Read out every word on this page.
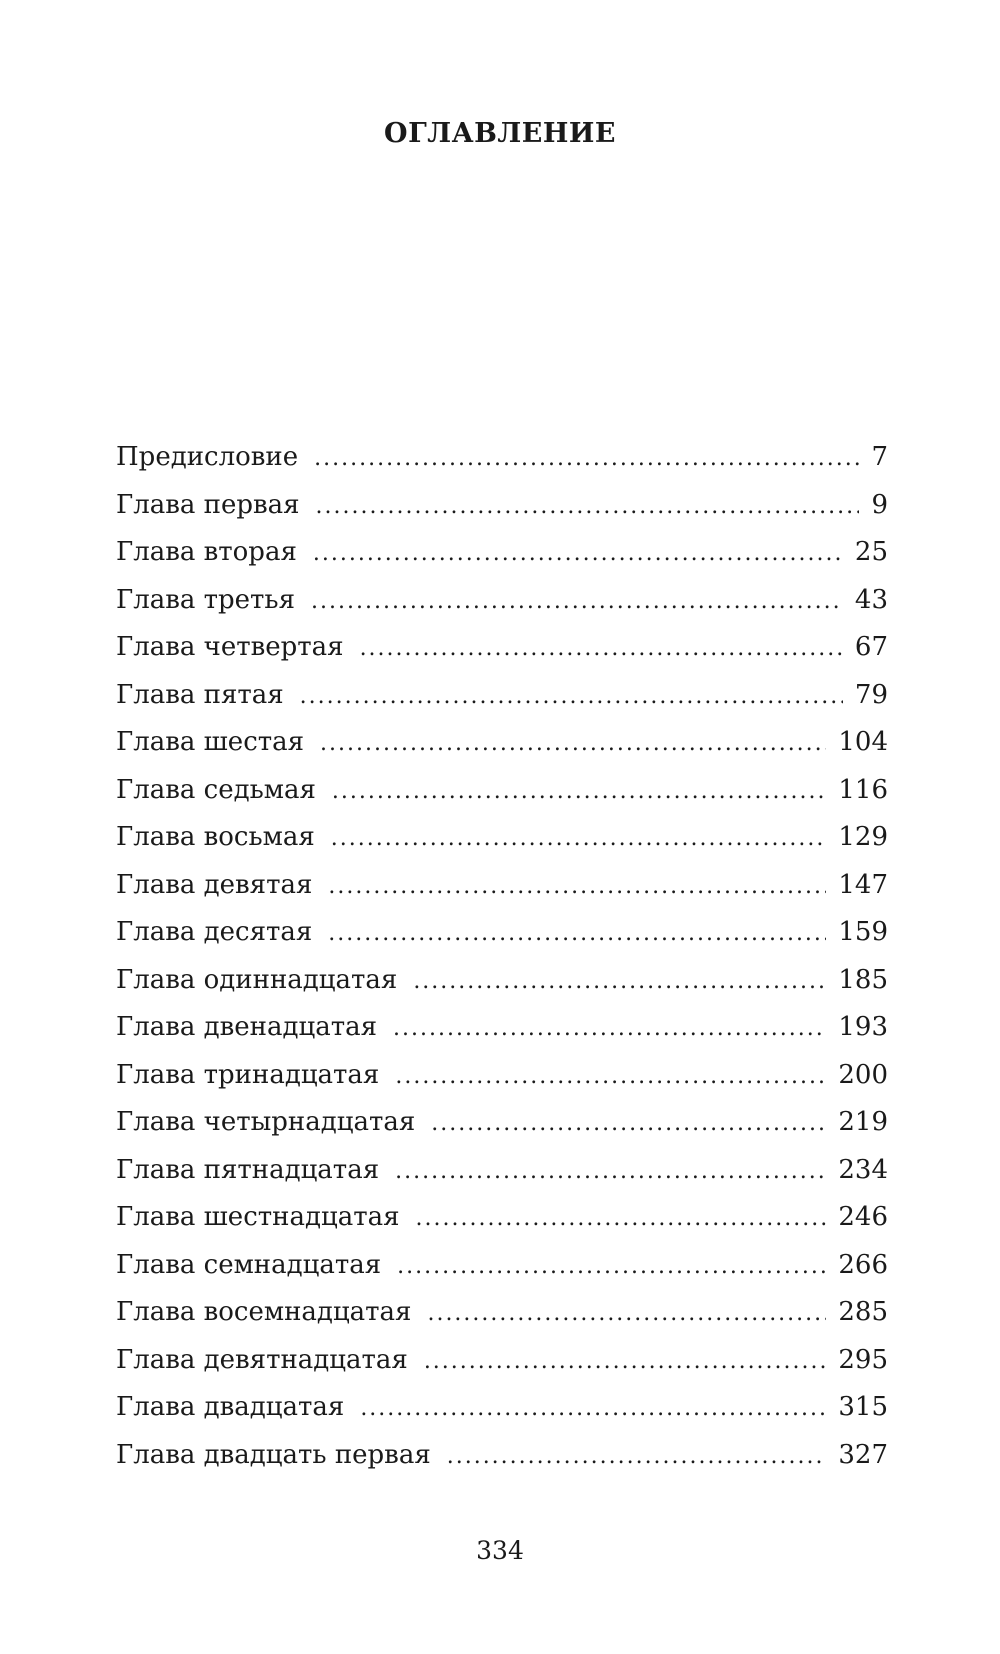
ОГЛАВЛЕНИЕ
Предисловие .....	7
Глава первая .....	9
Глава вторая .....	25
Глава третья .....	43
Глава четвертая .....	67
Глава пятая .....	79
Глава шестая .....	104
Глава седьмая .....	116
Глава восьмая .....	129
Глава девятая .....	147
Глава десятая .....	159
Глава одиннадцатая .....	185
Глава двенадцатая .....	193
Глава тринадцатая .....	200
Глава четырнадцатая .....	219
Глава пятнадцатая .....	234
Глава шестнадцатая .....	246
Глава семнадцатая .....	266
Глава восемнадцатая .....	285
Глава девятнадцатая .....	295
Глава двадцатая .....	315
Глава двадцать первая .....	327
334
